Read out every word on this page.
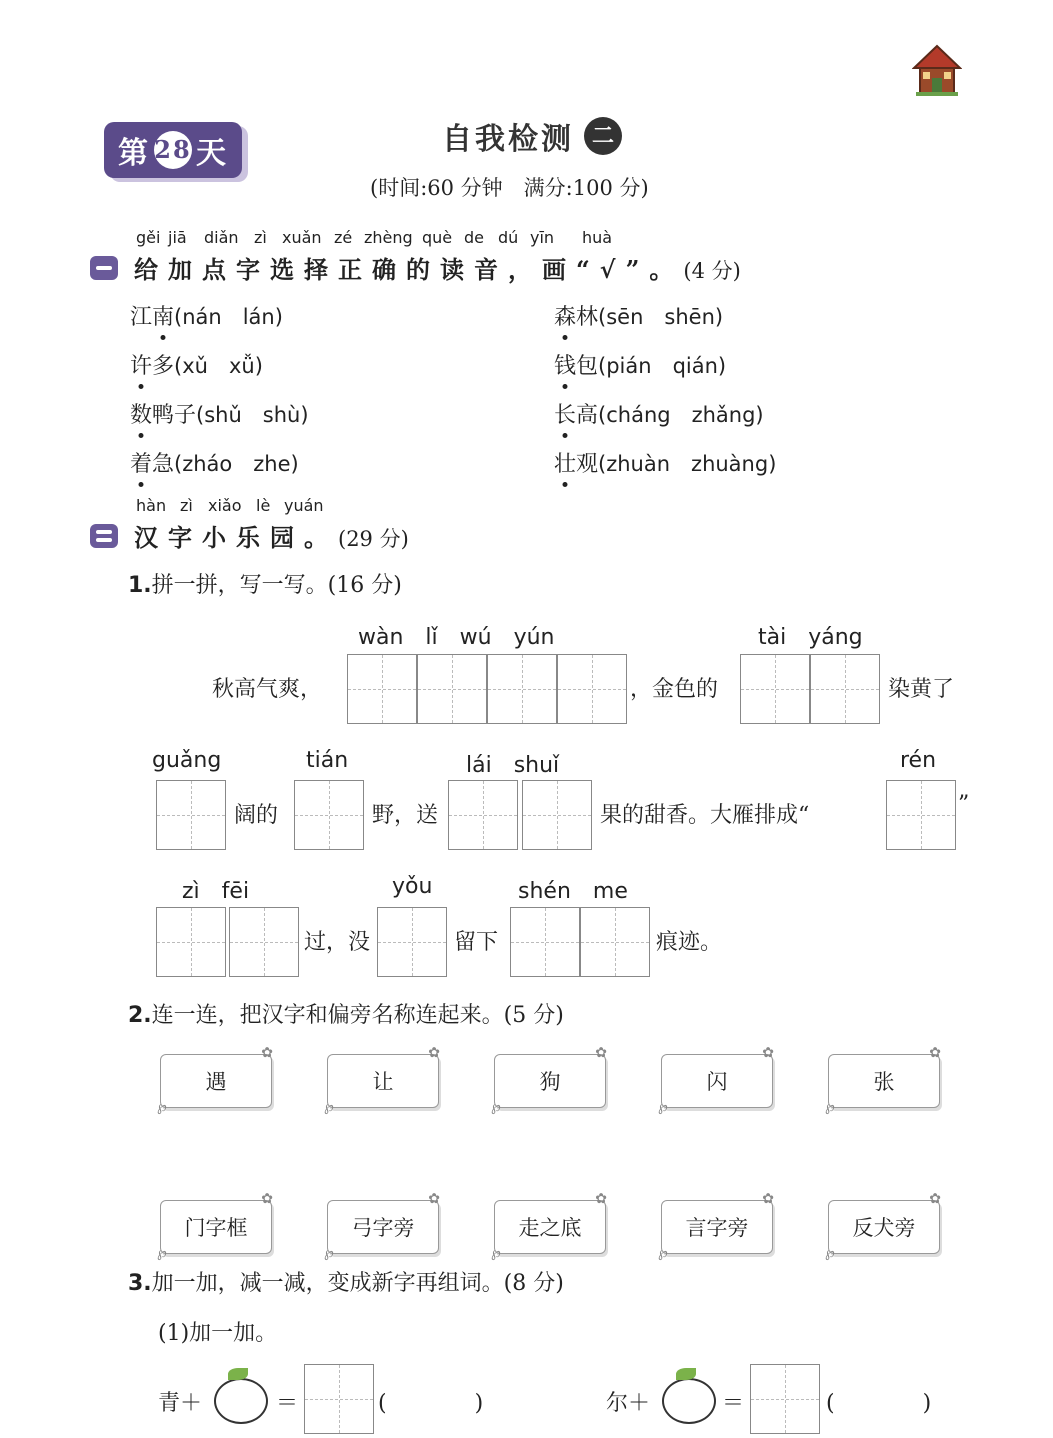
第 28 天	自我检测 二
(时间:60 分钟　满分:100 分)
gěi jiā diǎn zì xuǎn zé zhèng què de dú yīn huà
给加点字选择正确的读音，画“√”。(4 分)
江南(nán　lán)	森林(sēn　shēn)
许多(xǔ　xǚ)	钱包(pián　qián)
数鸭子(shǔ　shù)	长高(cháng　zhǎng)
着急(zháo　zhe)	壮观(zhuàn　zhuàng)
hàn zì xiǎo lè yuán
汉字小乐园。(29 分)
1.拼一拼，写一写。(16 分)
wàn　lǐ　wú　yún	tài　yáng
秋高气爽，	，金色的	染黄了
guǎng	tián	lái　shuǐ	rén
阔的	野，送	果的甜香。大雁排成“	”
zì　fēi	yǒu	shén　me
过，没	留下	痕迹。
2.连一连，把汉字和偏旁名称连起来。(5 分)
遇
✿
℘
让
✿
℘
狗
✿
℘
闪
✿
℘
张
✿
℘
门字框
✿
℘
弓字旁
✿
℘
走之底
✿
℘
言字旁
✿
℘
反犬旁
✿
℘
3.加一加，减一减，变成新字再组词。(8 分)
(1)加一加。
青＋	＝	(　　　　)	尔＋	＝	(　　　　)
